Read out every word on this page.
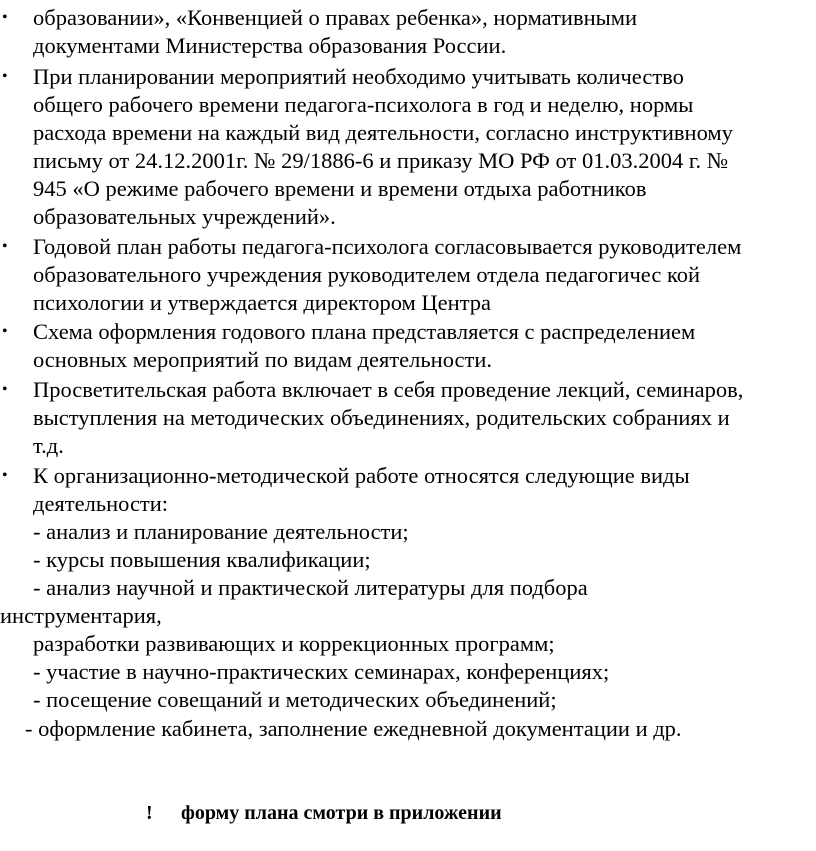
• образовании», «Конвенцией о правах ребенка», нормативными
документами Министерства образования России.
• При планировании мероприятий необходимо учитывать количество
общего рабочего времени педагога-психолога в год и неделю, нормы
расхода времени на каждый вид деятельности, согласно инструктивному
письму от 24.12.2001г. № 29/1886-6 и приказу МО РФ от 01.03.2004 г. №
945 «О режиме рабочего времени и времени отдыха работников
образовательных учреждений».
• Годовой план работы педагога-психолога согласовывается руководителем
образовательного учреждения руководителем отдела педагогичес кой
психологии и утверждается директором Центра
• Схема оформления годового плана представляется с распределением
основных мероприятий по видам деятельности.
• Просветительская работа включает в себя проведение лекций, семинаров,
выступления на методических объединениях, родительских собраниях и
т.д.
• К организационно-методической работе относятся следующие виды
деятельности:
- анализ и планирование деятельности;
- курсы повышения квалификации;
- анализ научной и практической литературы для подбора
инструментария,
разработки развивающих и коррекционных программ;
- участие в научно-практических семинарах, конференциях;
- посещение совещаний и методических объединений;
- оформление кабинета, заполнение ежедневной документации и др.
! форму плана смотри в приложении
